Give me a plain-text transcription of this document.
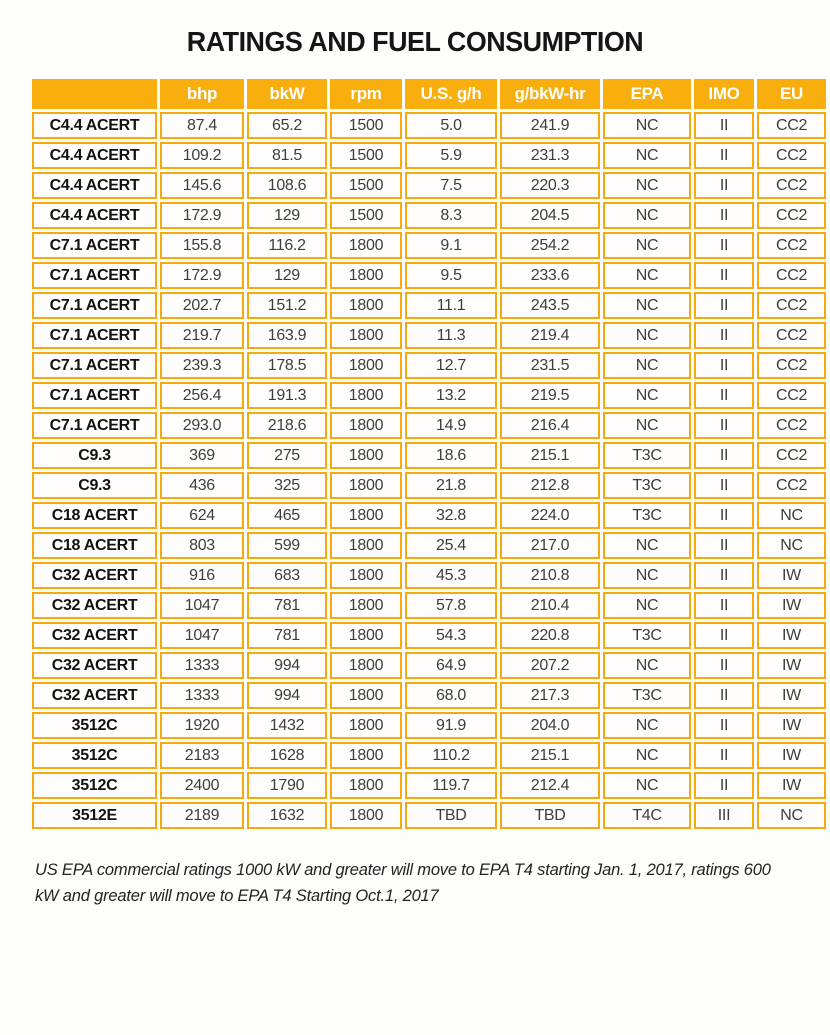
RATINGS AND FUEL CONSUMPTION
	bhp	bkW	rpm	U.S. g/h	g/bkW-hr	EPA	IMO	EU
C4.4 ACERT	87.4	65.2	1500	5.0	241.9	NC	II	CC2
C4.4 ACERT	109.2	81.5	1500	5.9	231.3	NC	II	CC2
C4.4 ACERT	145.6	108.6	1500	7.5	220.3	NC	II	CC2
C4.4 ACERT	172.9	129	1500	8.3	204.5	NC	II	CC2
C7.1 ACERT	155.8	116.2	1800	9.1	254.2	NC	II	CC2
C7.1 ACERT	172.9	129	1800	9.5	233.6	NC	II	CC2
C7.1 ACERT	202.7	151.2	1800	11.1	243.5	NC	II	CC2
C7.1 ACERT	219.7	163.9	1800	11.3	219.4	NC	II	CC2
C7.1 ACERT	239.3	178.5	1800	12.7	231.5	NC	II	CC2
C7.1 ACERT	256.4	191.3	1800	13.2	219.5	NC	II	CC2
C7.1 ACERT	293.0	218.6	1800	14.9	216.4	NC	II	CC2
C9.3	369	275	1800	18.6	215.1	T3C	II	CC2
C9.3	436	325	1800	21.8	212.8	T3C	II	CC2
C18 ACERT	624	465	1800	32.8	224.0	T3C	II	NC
C18 ACERT	803	599	1800	25.4	217.0	NC	II	NC
C32 ACERT	916	683	1800	45.3	210.8	NC	II	IW
C32 ACERT	1047	781	1800	57.8	210.4	NC	II	IW
C32 ACERT	1047	781	1800	54.3	220.8	T3C	II	IW
C32 ACERT	1333	994	1800	64.9	207.2	NC	II	IW
C32 ACERT	1333	994	1800	68.0	217.3	T3C	II	IW
3512C	1920	1432	1800	91.9	204.0	NC	II	IW
3512C	2183	1628	1800	110.2	215.1	NC	II	IW
3512C	2400	1790	1800	119.7	212.4	NC	II	IW
3512E	2189	1632	1800	TBD	TBD	T4C	III	NC
US EPA commercial ratings 1000 kW and greater will move to EPA T4 starting Jan. 1, 2017, ratings 600 kW and greater will move to EPA T4 Starting Oct.1, 2017
